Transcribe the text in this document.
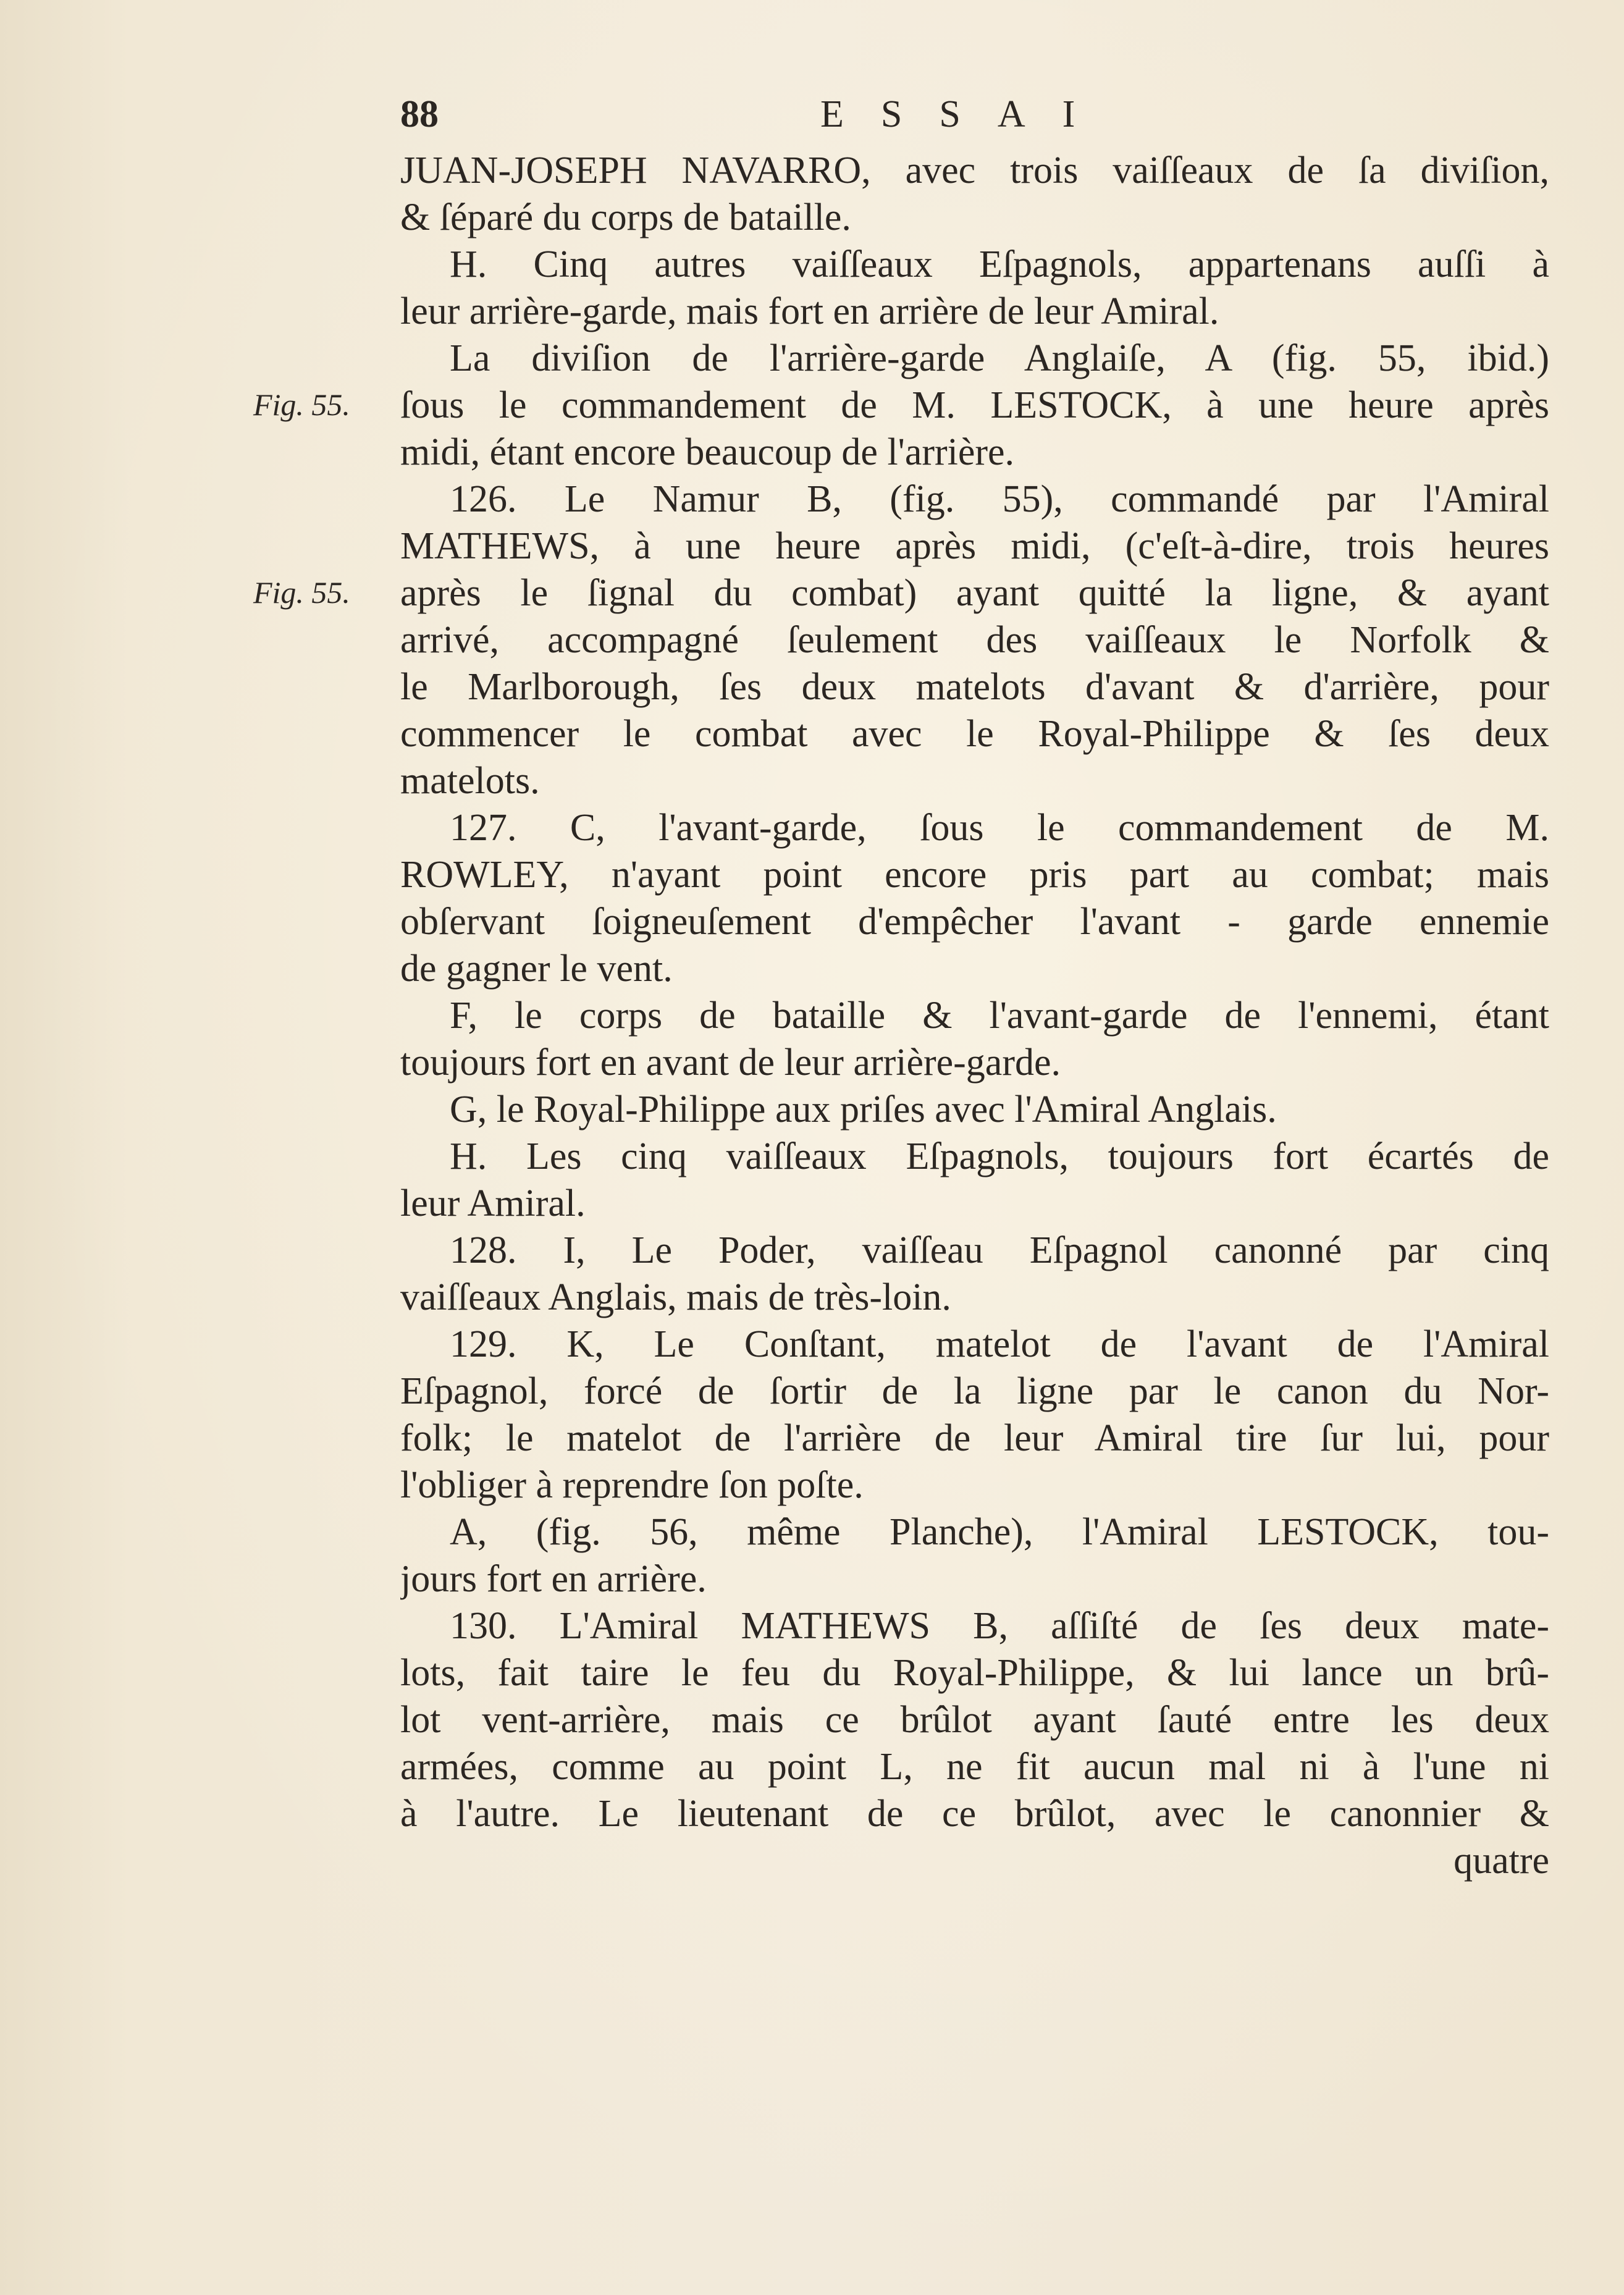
88	ESSAI
Fig. 55.
Fig. 55.
JUAN-JOSEPH NAVARRO, avec trois vaiſſeaux de ſa diviſion,
& ſéparé du corps de bataille.
H. Cinq autres vaiſſeaux Eſpagnols, appartenans auſſi à
leur arrière-garde, mais fort en arrière de leur Amiral.
La diviſion de l'arrière-garde Anglaiſe, A (fig. 55, ibid.)
ſous le commandement de M. LESTOCK, à une heure après
midi, étant encore beaucoup de l'arrière.
126. Le Namur B, (fig. 55), commandé par l'Amiral
MATHEWS, à une heure après midi, (c'eſt-à-dire, trois heures
après le ſignal du combat) ayant quitté la ligne, & ayant
arrivé, accompagné ſeulement des vaiſſeaux le Norfolk &
le Marlborough, ſes deux matelots d'avant & d'arrière, pour
commencer le combat avec le Royal-Philippe & ſes deux
matelots.
127. C, l'avant-garde, ſous le commandement de M.
ROWLEY, n'ayant point encore pris part au combat; mais
obſervant ſoigneuſement d'empêcher l'avant - garde ennemie
de gagner le vent.
F, le corps de bataille & l'avant-garde de l'ennemi, étant
toujours fort en avant de leur arrière-garde.
G, le Royal-Philippe aux priſes avec l'Amiral Anglais.
H. Les cinq vaiſſeaux Eſpagnols, toujours fort écartés de
leur Amiral.
128. I, Le Poder, vaiſſeau Eſpagnol canonné par cinq
vaiſſeaux Anglais, mais de très-loin.
129. K, Le Conſtant, matelot de l'avant de l'Amiral
Eſpagnol, forcé de ſortir de la ligne par le canon du Nor-
folk; le matelot de l'arrière de leur Amiral tire ſur lui, pour
l'obliger à reprendre ſon poſte.
A, (fig. 56, même Planche), l'Amiral LESTOCK, tou-
jours fort en arrière.
130. L'Amiral MATHEWS B, aſſiſté de ſes deux mate-
lots, fait taire le feu du Royal-Philippe, & lui lance un brû-
lot vent-arrière, mais ce brûlot ayant ſauté entre les deux
armées, comme au point L, ne fit aucun mal ni à l'une ni
à l'autre. Le lieutenant de ce brûlot, avec le canonnier &
quatre
